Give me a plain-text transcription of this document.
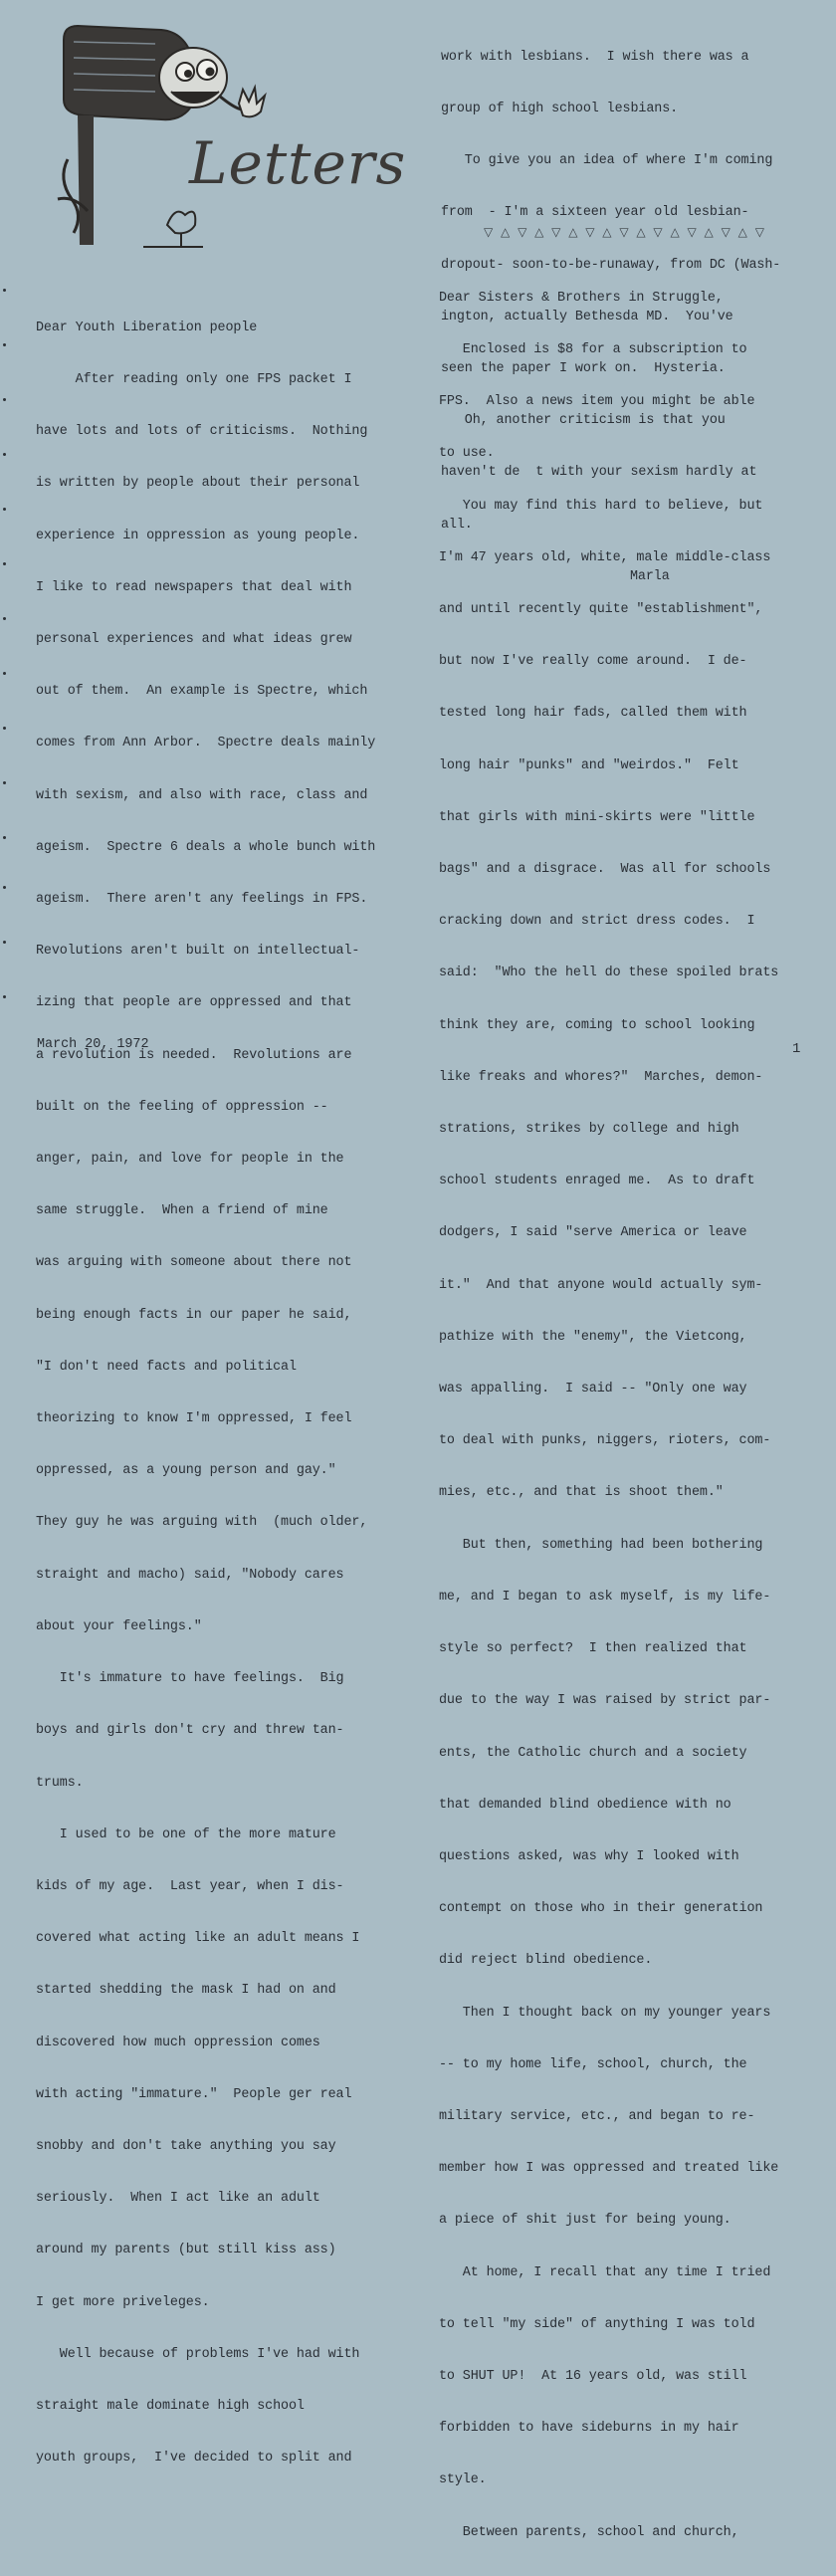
Letters

work with lesbians.  I wish there was a

group of high school lesbians.

To give you an idea of where I'm coming

from  - I'm a sixteen year old lesbian-

dropout- soon-to-be-runaway, from DC (Wash-

ington, actually Bethesda MD.  You've

seen the paper I work on.  Hysteria.

Oh, another criticism is that you

haven't de  t with your sexism hardly at

all.

Marla

▽ △ ▽ △ ▽ △ ▽ △ ▽ △ ▽ △ ▽ △ ▽ △ ▽

Dear Youth Liberation people

After reading only one FPS packet I

have lots and lots of criticisms.  Nothing

is written by people about their personal

experience in oppression as young people.

I like to read newspapers that deal with

personal experiences and what ideas grew

out of them.  An example is Spectre, which

comes from Ann Arbor.  Spectre deals mainly

with sexism, and also with race, class and

ageism.  Spectre 6 deals a whole bunch with

ageism.  There aren't any feelings in FPS.

Revolutions aren't built on intellectual-

izing that people are oppressed and that

a revolution is needed.  Revolutions are

built on the feeling of oppression --

anger, pain, and love for people in the

same struggle.  When a friend of mine

was arguing with someone about there not

being enough facts in our paper he said,

"I don't need facts and political

theorizing to know I'm oppressed, I feel

oppressed, as a young person and gay."

They guy he was arguing with  (much older,

straight and macho) said, "Nobody cares

about your feelings."

It's immature to have feelings.  Big

boys and girls don't cry and threw tan-

trums.

I used to be one of the more mature

kids of my age.  Last year, when I dis-

covered what acting like an adult means I

started shedding the mask I had on and

discovered how much oppression comes

with acting "immature."  People ger real

snobby and don't take anything you say

seriously.  When I act like an adult

around my parents (but still kiss ass)

I get more priveleges.

Well because of problems I've had with

straight male dominate high school

youth groups,  I've decided to split and

Dear Sisters & Brothers in Struggle,

Enclosed is $8 for a subscription to

FPS.  Also a news item you might be able

to use.

You may find this hard to believe, but

I'm 47 years old, white, male middle-class

and until recently quite "establishment",

but now I've really come around.  I de-

tested long hair fads, called them with

long hair "punks" and "weirdos."  Felt

that girls with mini-skirts were "little

bags" and a disgrace.  Was all for schools

cracking down and strict dress codes.  I

said:  "Who the hell do these spoiled brats

think they are, coming to school looking

like freaks and whores?"  Marches, demon-

strations, strikes by college and high

school students enraged me.  As to draft

dodgers, I said "serve America or leave

it."  And that anyone would actually sym-

pathize with the "enemy", the Vietcong,

was appalling.  I said -- "Only one way

to deal with punks, niggers, rioters, com-

mies, etc., and that is shoot them."

But then, something had been bothering

me, and I began to ask myself, is my life-

style so perfect?  I then realized that

due to the way I was raised by strict par-

ents, the Catholic church and a society

that demanded blind obedience with no

questions asked, was why I looked with

contempt on those who in their generation

did reject blind obedience.

Then I thought back on my younger years

-- to my home life, school, church, the

military service, etc., and began to re-

member how I was oppressed and treated like

a piece of shit just for being young.

At home, I recall that any time I tried

to tell "my side" of anything I was told

to SHUT UP!  At 16 years old, was still

forbidden to have sideburns in my hair

style.

Between parents, school and church,

March 20, 1972	1
